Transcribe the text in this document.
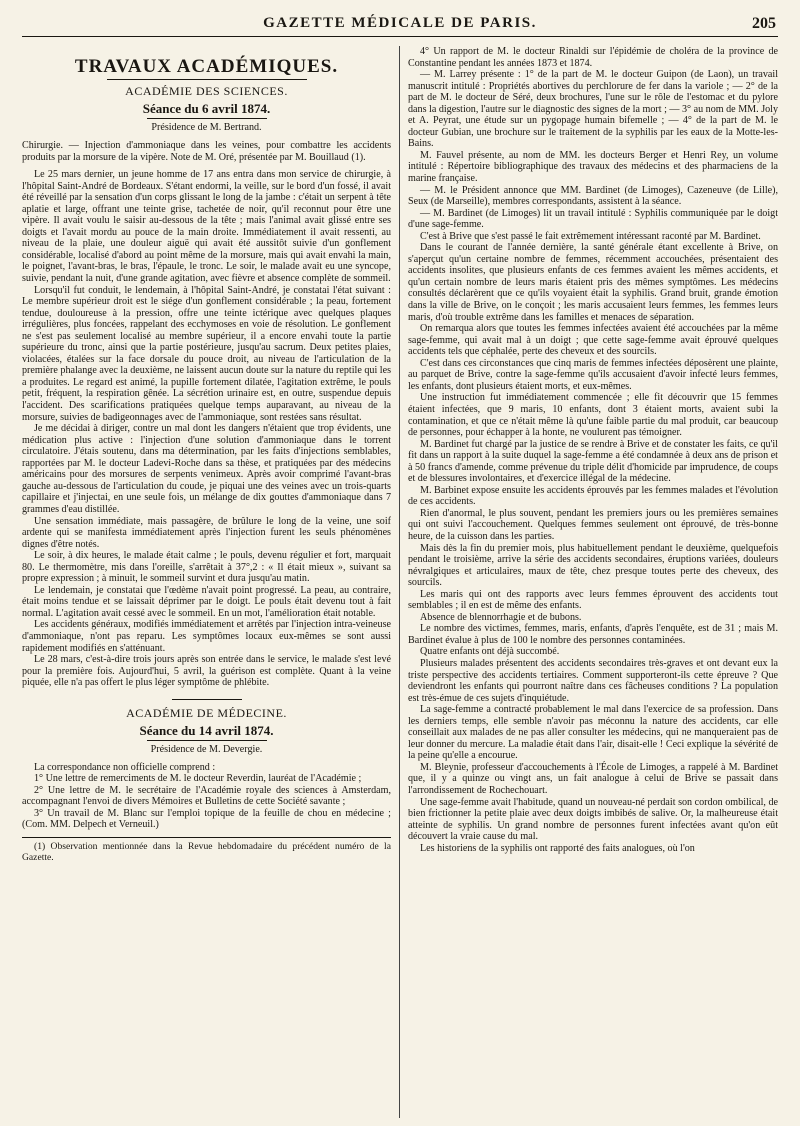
GAZETTE MÉDICALE DE PARIS.	205
TRAVAUX ACADÉMIQUES.
ACADÉMIE DES SCIENCES.
Séance du 6 avril 1874.
Présidence de M. Bertrand.

Chirurgie. — Injection d'ammoniaque dans les veines, pour combattre les accidents produits par la morsure de la vipère. Note de M. Oré, présentée par M. Bouillaud (1).

Le 25 mars dernier, un jeune homme de 17 ans entra dans mon service de chirurgie, à l'hôpital Saint-André de Bordeaux. S'étant endormi, la veille, sur le bord d'un fossé, il avait été réveillé par la sensation d'un corps glissant le long de la jambe : c'était un serpent à tête aplatie et large, offrant une teinte grise, tachetée de noir, qu'il reconnut pour être une vipère. Il avait voulu le saisir au-dessous de la tête ; mais l'animal avait glissé entre ses doigts et l'avait mordu au pouce de la main droite. Immédiatement il avait ressenti, au niveau de la plaie, une douleur aiguë qui avait été aussitôt suivie d'un gonflement considérable, localisé d'abord au point même de la morsure, mais qui avait envahi la main, le poignet, l'avant-bras, le bras, l'épaule, le tronc. Le soir, le malade avait eu une syncope, suivie, pendant la nuit, d'une grande agitation, avec fièvre et absence complète de sommeil.

Lorsqu'il fut conduit, le lendemain, à l'hôpital Saint-André, je constatai l'état suivant : Le membre supérieur droit est le siége d'un gonflement considérable ; la peau, fortement tendue, douloureuse à la pression, offre une teinte ictérique avec quelques plaques irrégulières, plus foncées, rappelant des ecchymoses en voie de résolution. Le gonflement ne s'est pas seulement localisé au membre supérieur, il a encore envahi toute la partie supérieure du tronc, ainsi que la partie postérieure, jusqu'au sacrum. Deux petites plaies, violacées, étalées sur la face dorsale du pouce droit, au niveau de l'articulation de la première phalange avec la deuxième, ne laissent aucun doute sur la nature du reptile qui les a produites. Le regard est animé, la pupille fortement dilatée, l'agitation extrême, le pouls petit, fréquent, la respiration gênée. La sécrétion urinaire est, en outre, suspendue depuis l'accident. Des scarifications pratiquées quelque temps auparavant, au niveau de la morsure, suivies de badigeonnages avec de l'ammoniaque, sont restées sans résultat.

Je me décidai à diriger, contre un mal dont les dangers n'étaient que trop évidents, une médication plus active : l'injection d'une solution d'ammoniaque dans le torrent circulatoire. J'étais soutenu, dans ma détermination, par les faits d'injections semblables, rapportées par M. le docteur Ladevi-Roche dans sa thèse, et pratiquées par des médecins américains pour des morsures de serpents venimeux. Après avoir comprimé l'avant-bras gauche au-dessous de l'articulation du coude, je piquai une des veines avec un trois-quarts capillaire et j'injectai, en une seule fois, un mélange de dix gouttes d'ammoniaque dans 7 grammes d'eau distillée.

Une sensation immédiate, mais passagère, de brûlure le long de la veine, une soif ardente qui se manifesta immédiatement après l'injection furent les seuls phénomènes dignes d'être notés.

Le soir, à dix heures, le malade était calme ; le pouls, devenu régulier et fort, marquait 80. Le thermomètre, mis dans l'oreille, s'arrêtait à 37°,2 : « Il était mieux », suivant sa propre expression ; à minuit, le sommeil survint et dura jusqu'au matin.

Le lendemain, je constatai que l'œdème n'avait point progressé. La peau, au contraire, était moins tendue et se laissait déprimer par le doigt. Le pouls était devenu tout à fait normal. L'agitation avait cessé avec le sommeil. En un mot, l'amélioration était notable.

Les accidents généraux, modifiés immédiatement et arrêtés par l'injection intra-veineuse d'ammoniaque, n'ont pas reparu. Les symptômes locaux eux-mêmes se sont aussi rapidement modifiés en s'atténuant.

Le 28 mars, c'est-à-dire trois jours après son entrée dans le service, le malade s'est levé pour la première fois. Aujourd'hui, 5 avril, la guérison est complète. Quant à la veine piquée, elle n'a pas offert le plus léger symptôme de phlébite.

ACADÉMIE DE MÉDECINE.
Séance du 14 avril 1874.
Présidence de M. Devergie.

La correspondance non officielle comprend :

1° Une lettre de remerciments de M. le docteur Reverdin, lauréat de l'Académie ;

2° Une lettre de M. le secrétaire de l'Académie royale des sciences à Amsterdam, accompagnant l'envoi de divers Mémoires et Bulletins de cette Société savante ;

3° Un travail de M. Blanc sur l'emploi topique de la feuille de chou en médecine ; (Com. MM. Delpech et Verneuil.)

(1) Observation mentionnée dans la Revue hebdomadaire du précédent numéro de la Gazette.

4° Un rapport de M. le docteur Rinaldi sur l'épidémie de choléra de la province de Constantine pendant les années 1873 et 1874.

— M. Larrey présente : 1° de la part de M. le docteur Guipon (de Laon), un travail manuscrit intitulé : Propriétés abortives du perchlorure de fer dans la variole ; — 2° de la part de M. le docteur de Séré, deux brochures, l'une sur le rôle de l'estomac et du pylore dans la digestion, l'autre sur le diagnostic des signes de la mort ; — 3° au nom de MM. Joly et A. Peyrat, une étude sur un pygopage humain bifemelle ; — 4° de la part de M. le docteur Gubian, une brochure sur le traitement de la syphilis par les eaux de la Motte-les-Bains.

M. Fauvel présente, au nom de MM. les docteurs Berger et Henri Rey, un volume intitulé : Répertoire bibliographique des travaux des médecins et des pharmaciens de la marine française.

— M. le Président annonce que MM. Bardinet (de Limoges), Cazeneuve (de Lille), Seux (de Marseille), membres correspondants, assistent à la séance.

— M. Bardinet (de Limoges) lit un travail intitulé : Syphilis communiquée par le doigt d'une sage-femme.

C'est à Brive que s'est passé le fait extrêmement intéressant raconté par M. Bardinet.

Dans le courant de l'année dernière, la santé générale étant excellente à Brive, on s'aperçut qu'un certaine nombre de femmes, récemment accouchées, présentaient des accidents insolites, que plusieurs enfants de ces femmes avaient les mêmes accidents, et qu'un certain nombre de leurs maris étaient pris des mêmes symptômes. Les médecins consultés déclarèrent que ce qu'ils voyaient était la syphilis. Grand bruit, grande émotion dans la ville de Brive, on le conçoit ; les maris accusaient leurs femmes, les femmes leurs maris, d'où trouble extrême dans les familles et menaces de séparation.

On remarqua alors que toutes les femmes infectées avaient été accouchées par la même sage-femme, qui avait mal à un doigt ; que cette sage-femme avait éprouvé quelques accidents tels que céphalée, perte des cheveux et des sourcils.

C'est dans ces circonstances que cinq maris de femmes infectées déposèrent une plainte, au parquet de Brive, contre la sage-femme qu'ils accusaient d'avoir infecté leurs femmes, les enfants, dont plusieurs étaient morts, et eux-mêmes.

Une instruction fut immédiatement commencée ; elle fit découvrir que 15 femmes étaient infectées, que 9 maris, 10 enfants, dont 3 étaient morts, avaient subi la contamination, et que ce n'était même là qu'une faible partie du mal produit, car beaucoup de personnes, pour échapper à la honte, ne voulurent pas témoigner.

M. Bardinet fut chargé par la justice de se rendre à Brive et de constater les faits, ce qu'il fit dans un rapport à la suite duquel la sage-femme a été condamnée à deux ans de prison et à 50 francs d'amende, comme prévenue du triple délit d'homicide par imprudence, de coups et de blessures involontaires, et d'exercice illégal de la médecine.

M. Barbinet expose ensuite les accidents éprouvés par les femmes malades et l'évolution de ces accidents.

Rien d'anormal, le plus souvent, pendant les premiers jours ou les premières semaines qui ont suivi l'accouchement. Quelques femmes seulement ont éprouvé, de très-bonne heure, de la cuisson dans les parties.

Mais dès la fin du premier mois, plus habituellement pendant le deuxième, quelquefois pendant le troisième, arrive la série des accidents secondaires, éruptions variées, douleurs névralgiques et articulaires, maux de tête, chez presque toutes perte des cheveux, des sourcils.

Les maris qui ont des rapports avec leurs femmes éprouvent des accidents tout semblables ; il en est de même des enfants.

Absence de blennorrhagie et de bubons.

Le nombre des victimes, femmes, maris, enfants, d'après l'enquête, est de 31 ; mais M. Bardinet évalue à plus de 100 le nombre des personnes contaminées.

Quatre enfants ont déjà succombé.

Plusieurs malades présentent des accidents secondaires très-graves et ont devant eux la triste perspective des accidents tertiaires. Comment supporteront-ils cette épreuve ? Que deviendront les enfants qui pourront naître dans ces fâcheuses conditions ? La population est très-émue de ces sujets d'inquiétude.

La sage-femme a contracté probablement le mal dans l'exercice de sa profession. Dans les derniers temps, elle semble n'avoir pas méconnu la nature des accidents, car elle conseillait aux malades de ne pas aller consulter les médecins, qui ne manqueraient pas de leur donner du mercure. La maladie était dans l'air, disait-elle ! Ceci explique la sévérité de la peine qu'elle a encourue.

M. Bleynie, professeur d'accouchements à l'École de Limoges, a rappelé à M. Bardinet que, il y a quinze ou vingt ans, un fait analogue à celui de Brive se passait dans l'arrondissement de Rochechouart.

Une sage-femme avait l'habitude, quand un nouveau-né perdait son cordon ombilical, de bien frictionner la petite plaie avec deux doigts imbibés de salive. Or, la malheureuse était atteinte de syphilis. Un grand nombre de personnes furent infectées avant qu'on eût découvert la vraie cause du mal.

Les historiens de la syphilis ont rapporté des faits analogues, où l'on
